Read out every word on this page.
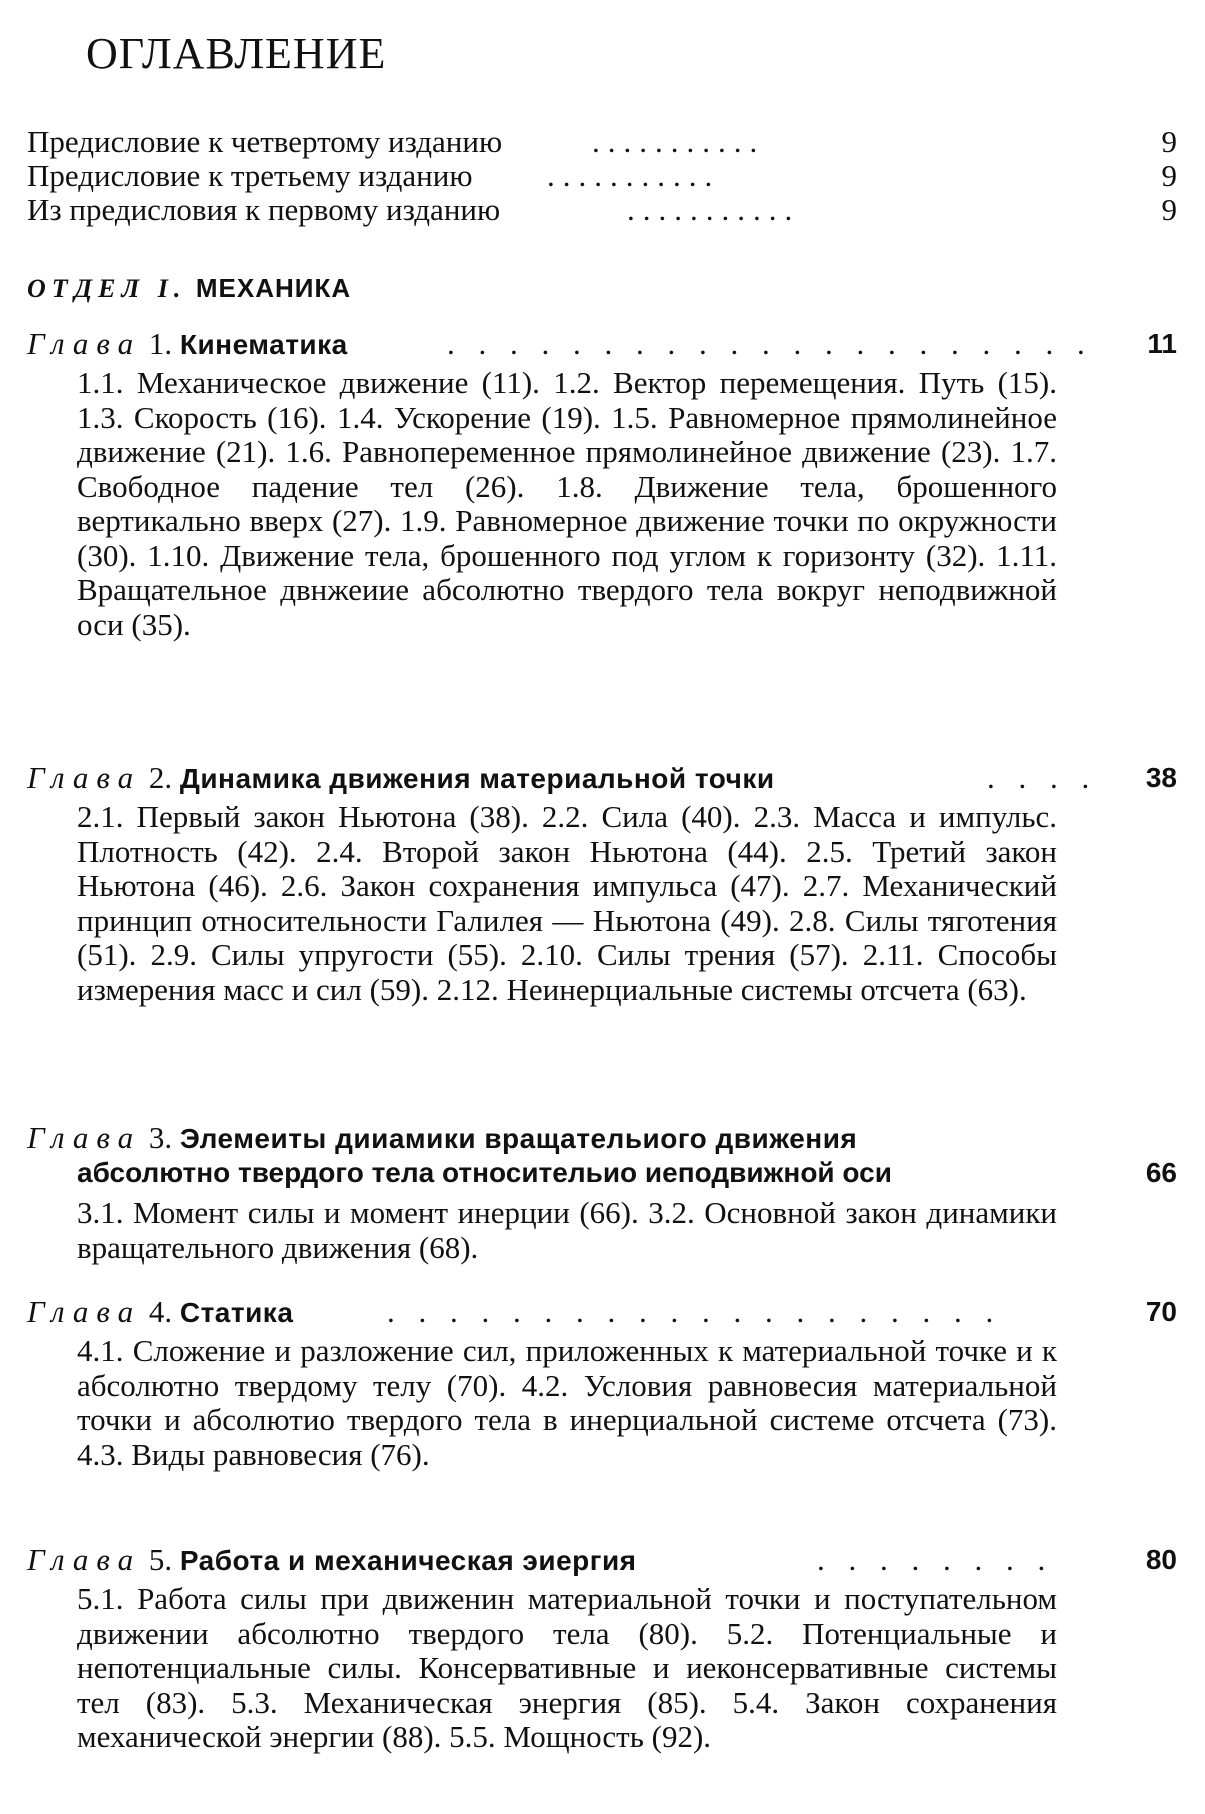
ОГЛАВЛЕНИЕ
Предисловие к четвертому изданию	...........	9
Предисловие к третьему изданию ...........	9
Из предисловия к первому изданию	...........	9
ОТДЕЛ I. МЕХАНИКА
Глава 1. Кинематика	. . . . . . . . . . . . . . . . . . . . .	11
1.1. Механическое движение (11). 1.2. Вектор перемещения. Путь (15). 1.3. Скорость (16). 1.4. Ускорение (19). 1.5. Равномерное прямолинейное движение (21). 1.6. Равнопеременное прямолинейное движение (23). 1.7. Свободное падение тел (26). 1.8. Движение тела, брошенного вертикально вверх (27). 1.9. Равномерное движение точки по окружности (30). 1.10. Движение тела, брошенного под углом к горизонту (32). 1.11. Вращательное двнжеиие абсолютно твердого тела вокруг неподвижной оси (35).
Глава 2. Динамика движения материальной точки	. . . .	38
2.1. Первый закон Ньютона (38). 2.2. Сила (40). 2.3. Масса и импульс. Плотность (42). 2.4. Второй закон Ньютона (44). 2.5. Третий закон Ньютона (46). 2.6. Закон сохранения импульса (47). 2.7. Механический принцип относительности Галилея — Ньютона (49). 2.8. Силы тяготения (51). 2.9. Силы упругости (55). 2.10. Силы трения (57). 2.11. Способы измерения масс и сил (59). 2.12. Неинерциальные системы отсчета (63).
Глава 3. Элемеиты дииамики вращательиого движения
абсолютно твердого тела относительио иеподвижной оси	66
3.1. Момент силы и момент инерции (66). 3.2. Основной закон динамики вращательного движения (68).
Глава 4. Статика	. . . . . . . . . . . . . . . . . . . .	70
4.1. Сложение и разложение сил, приложенных к материальной точке и к абсолютно твердому телу (70). 4.2. Условия равновесия материальной точки и абсолютио твердого тела в инерциальной системе отсчета (73). 4.3. Виды равновесия (76).
Глава 5. Работа и механическая эиергия	. . . . . . . .	80
5.1. Работа силы при движенин материальной точки и поступательном движении абсолютно твердого тела (80). 5.2. Потенциальные и непотенциальные силы. Консервативные и иеконсервативные системы тел (83). 5.3. Механическая энергия (85). 5.4. Закон сохранения механической энергии (88). 5.5. Мощность (92).
